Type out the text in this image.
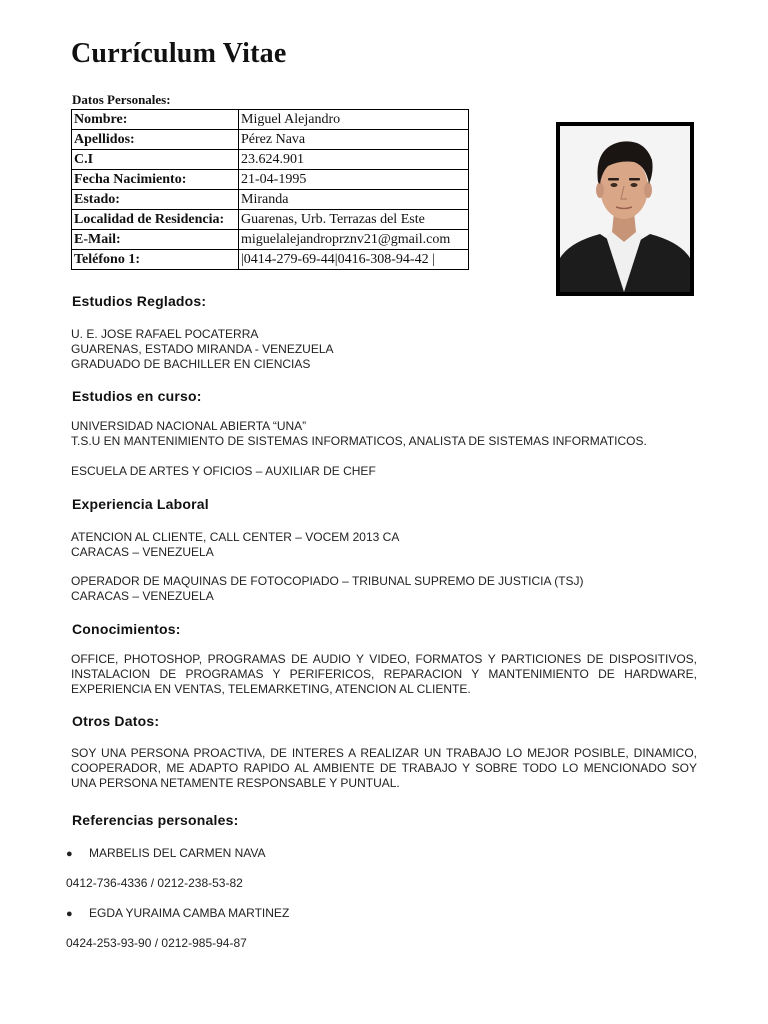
Currículum Vitae
Datos Personales:
Nombre:	Miguel Alejandro
Apellidos:	Pérez Nava
C.I	23.624.901
Fecha Nacimiento:	21-04-1995
Estado:	Miranda
Localidad de Residencia:	Guarenas, Urb. Terrazas del Este
E-Mail:	miguelalejandroprznv21@gmail.com
Teléfono 1:	|0414-279-69-44|0416-308-94-42 |
Estudios Reglados:
U. E. JOSE RAFAEL POCATERRA
GUARENAS, ESTADO MIRANDA - VENEZUELA
GRADUADO DE BACHILLER EN CIENCIAS
Estudios en curso:
UNIVERSIDAD NACIONAL ABIERTA “UNA”
T.S.U EN MANTENIMIENTO DE SISTEMAS INFORMATICOS, ANALISTA DE SISTEMAS INFORMATICOS.
ESCUELA DE ARTES Y OFICIOS – AUXILIAR DE CHEF
Experiencia Laboral
ATENCION AL CLIENTE, CALL CENTER – VOCEM 2013 CA
CARACAS – VENEZUELA
OPERADOR DE MAQUINAS DE FOTOCOPIADO – TRIBUNAL SUPREMO DE JUSTICIA (TSJ)
CARACAS – VENEZUELA
Conocimientos:

OFFICE, PHOTOSHOP, PROGRAMAS DE AUDIO Y VIDEO, FORMATOS Y PARTICIONES DE DISPOSITIVOS, INSTALACION DE PROGRAMAS Y PERIFERICOS, REPARACION Y MANTENIMIENTO DE HARDWARE, EXPERIENCIA EN VENTAS, TELEMARKETING, ATENCION AL CLIENTE.

Otros Datos:

SOY UNA PERSONA PROACTIVA, DE INTERES A REALIZAR UN TRABAJO LO MEJOR POSIBLE, DINAMICO, COOPERADOR, ME ADAPTO RAPIDO AL AMBIENTE DE TRABAJO Y SOBRE TODO LO MENCIONADO SOY UNA PERSONA NETAMENTE RESPONSABLE Y PUNTUAL.

Referencias personales:
● MARBELIS DEL CARMEN NAVA
0412-736-4336 / 0212-238-53-82
● EGDA YURAIMA CAMBA MARTINEZ
0424-253-93-90 / 0212-985-94-87
